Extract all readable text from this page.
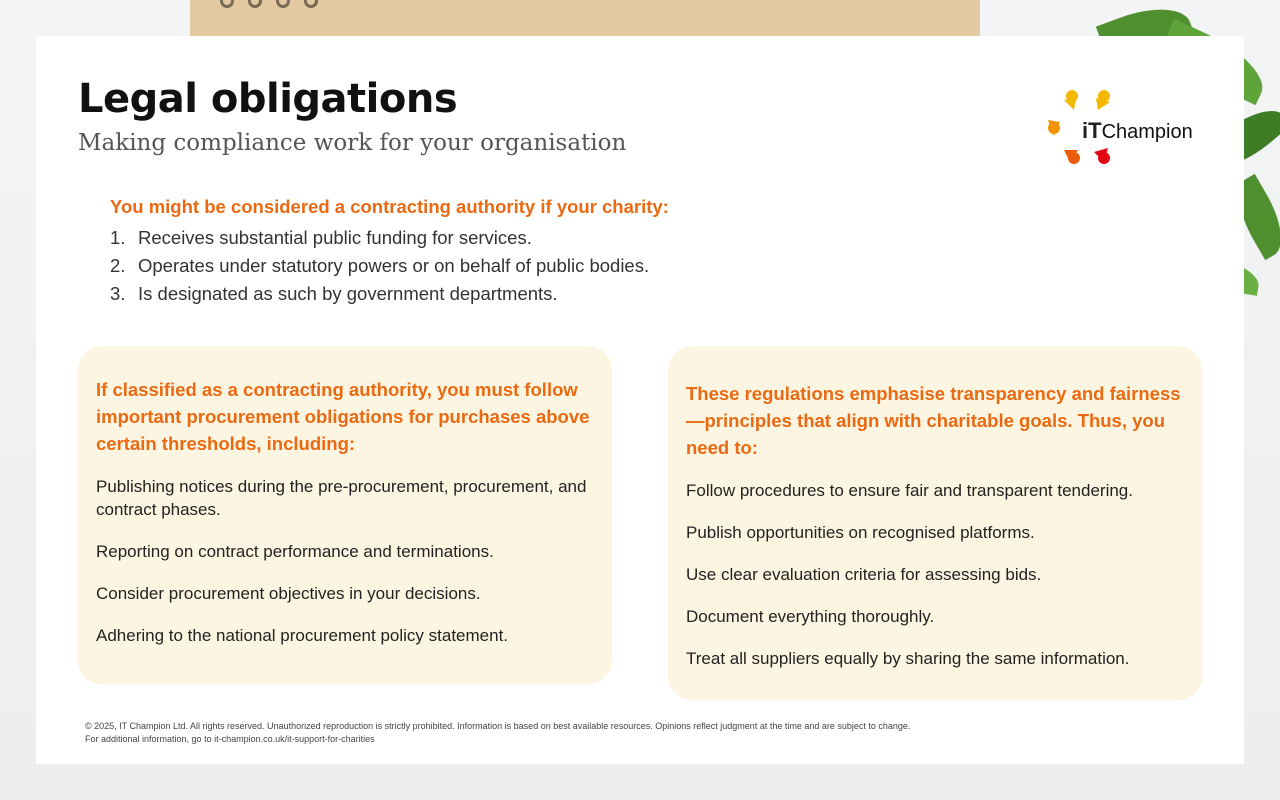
Legal obligations

Making compliance work for your organisation	iTChampion

You might be considered a contracting authority if your charity:

1. Receives substantial public funding for services.
2. Operates under statutory powers or on behalf of public bodies.
3. Is designated as such by government departments.

If classified as a contracting authority, you must follow important procurement obligations for purchases above certain thresholds, including:

Publishing notices during the pre-procurement, procurement, and contract phases.

Reporting on contract performance and terminations.

Consider procurement objectives in your decisions.

Adhering to the national procurement policy statement.

These regulations emphasise transparency and fairness—principles that align with charitable goals. Thus, you need to:

Follow procedures to ensure fair and transparent tendering.

Publish opportunities on recognised platforms.

Use clear evaluation criteria for assessing bids.

Document everything thoroughly.

Treat all suppliers equally by sharing the same information.

© 2025, IT Champion Ltd. All rights reserved. Unauthorized reproduction is strictly prohibited. Information is based on best available resources. Opinions reflect judgment at the time and are subject to change.
For additional information, go to it-champion.co.uk/it-support-for-charities
